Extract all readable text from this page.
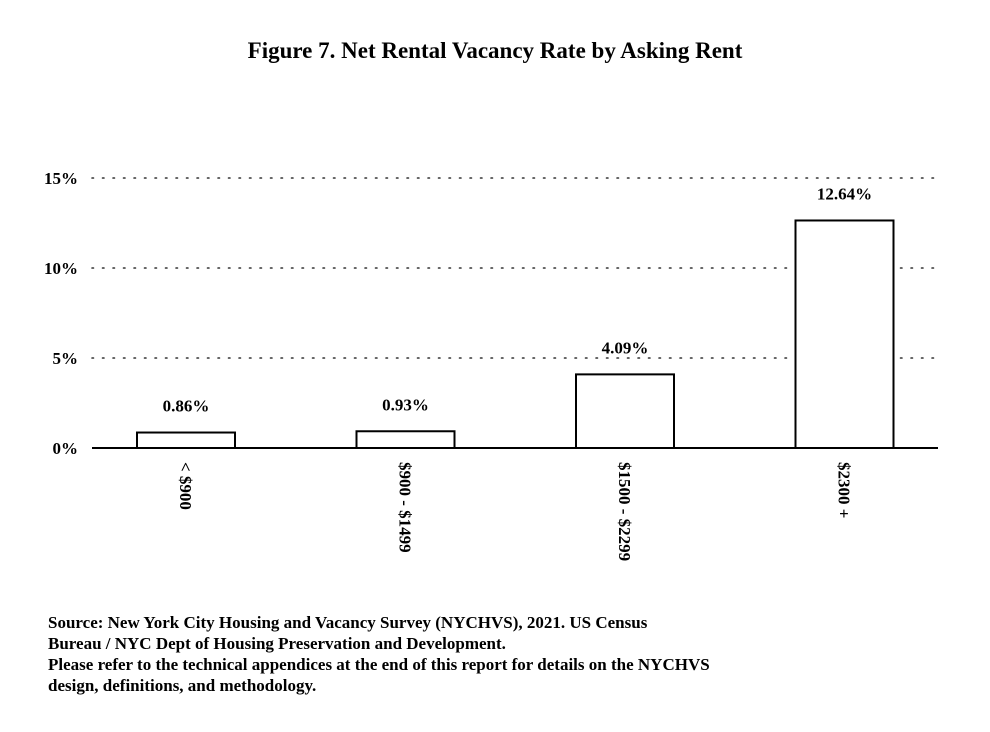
Figure 7. Net Rental Vacancy Rate by Asking Rent
0%
5%
10%
15%
0.86%	0.93%
4.09%
12.64%
< $900	$900 - $1499	$1500 - $2299	$2300 +
Source: New York City Housing and Vacancy Survey (NYCHVS), 2021. US Census
Bureau / NYC Dept of Housing Preservation and Development.
Please refer to the technical appendices at the end of this report for details on the NYCHVS
design, definitions, and methodology.
